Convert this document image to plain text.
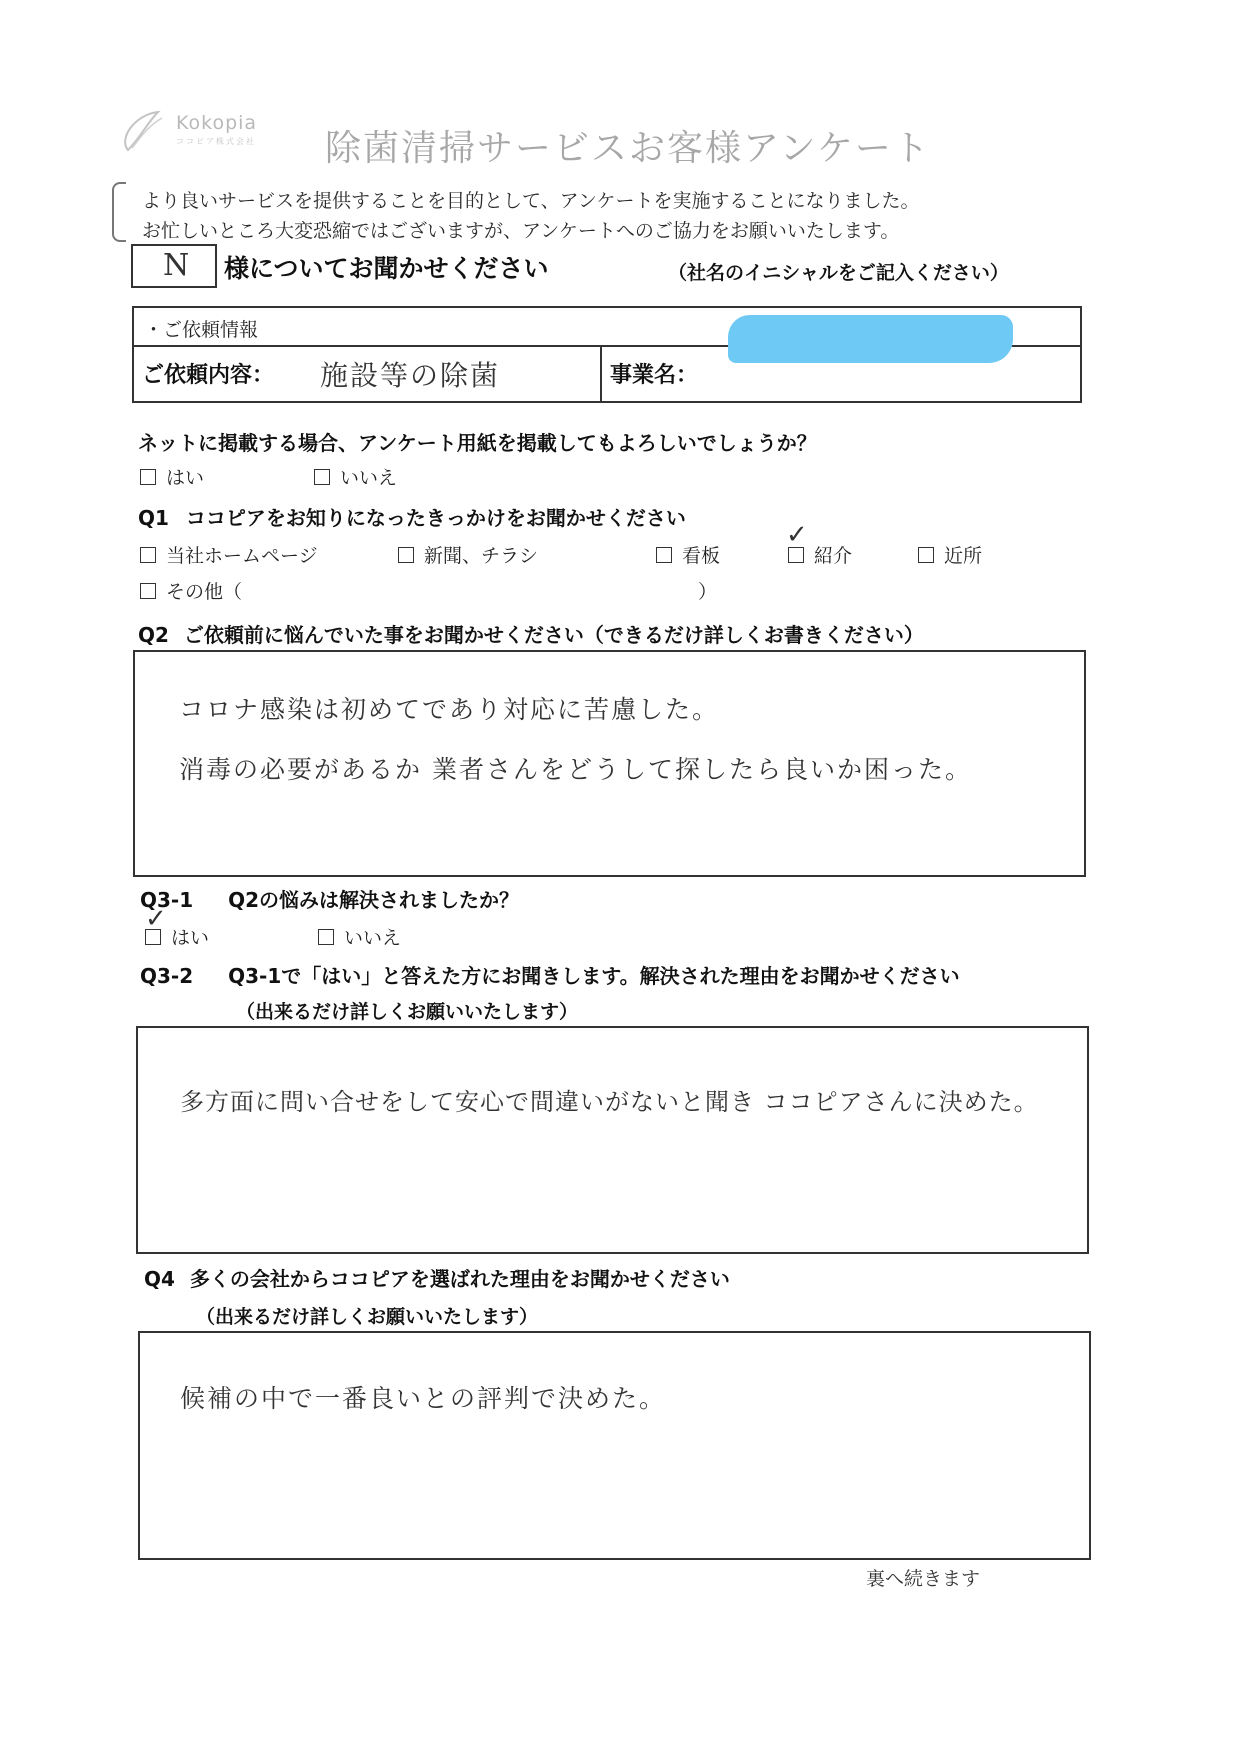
Kokopia
ココピア株式会社 除菌清掃サービスお客様アンケート
より良いサービスを提供することを目的として、アンケートを実施することになりました。
お忙しいところ大変恐縮ではございますが、アンケートへのご協力をお願いいたします。
N 様についてお聞かせください	（社名のイニシャルをご記入ください）
・ご依頼情報
ご依頼内容： 施設等の除菌	事業名：
ネットに掲載する場合、アンケート用紙を掲載してもよろしいでしょうか？
はい	いいえ
Q1 ココピアをお知りになったきっかけをお聞かせください
当社ホームページ	新聞、チラシ	看板	紹介
✓
近所
その他（	）
Q2 ご依頼前に悩んでいた事をお聞かせください（できるだけ詳しくお書きください）
コロナ感染は初めてであり対応に苦慮した。
消毒の必要があるか 業者さんをどうして探したら良いか困った。
Q3-1 Q2の悩みは解決されましたか？
はい
✓
いいえ
Q3-2 Q3-1で「はい」と答えた方にお聞きします。解決された理由をお聞かせください
（出来るだけ詳しくお願いいたします）
多方面に問い合せをして安心で間違いがないと聞き ココピアさんに決めた。
Q4 多くの会社からココピアを選ばれた理由をお聞かせください
（出来るだけ詳しくお願いいたします）
候補の中で一番良いとの評判で決めた。
裏へ続きます
